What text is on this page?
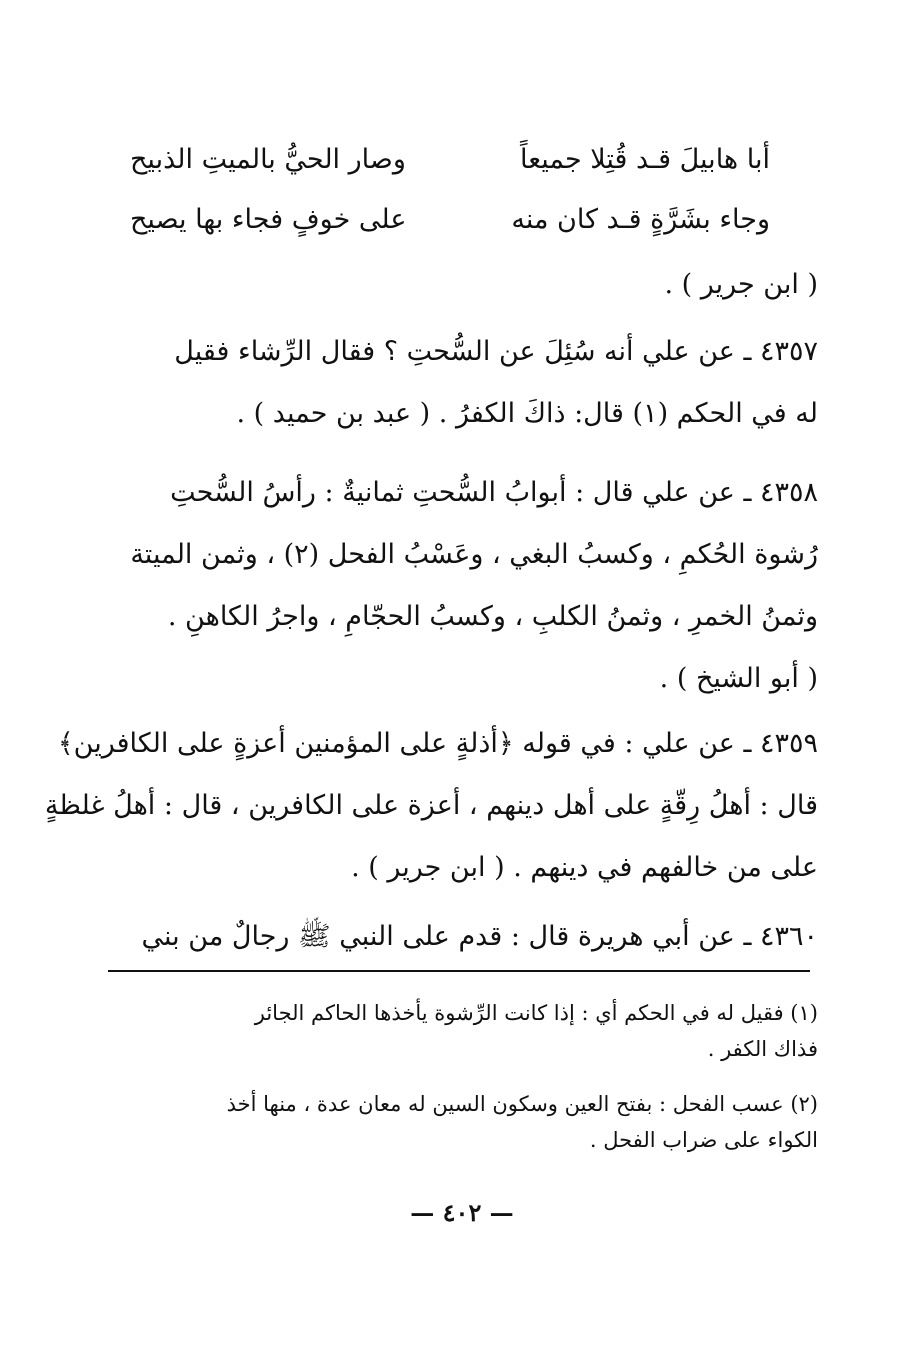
أبا هابيلَ قـد قُتِلا جميعاً
وصار الحيُّ بالميتِ الذبيح
وجاء بشَرَّةٍ قـد كان منه
على خوفٍ فجاء بها يصيح
( ابن جرير ) .

٤٣٥٧ ـ عن علي أنه سُئِلَ عن السُّحتِ ؟ فقال الرِّشاء فقيل

له في الحكم (١) قال: ذاكَ الكفرُ . ( عبد بن حميد ) .

٤٣٥٨ ـ عن علي قال : أبوابُ السُّحتِ ثمانيةٌ : رأسُ السُّحتِ

رُشوة الحُكمِ ، وكسبُ البغي ، وعَسْبُ الفحل (٢) ، وثمن الميتة

وثمنُ الخمرِ ، وثمنُ الكلبِ ، وكسبُ الحجّامِ ، واجرُ الكاهنِ .

( أبو الشيخ ) .

٤٣٥٩ ـ عن علي : في قوله ﴿أذلةٍ على المؤمنين أعزةٍ على الكافرين﴾

قال : أهلُ رِقّةٍ على أهل دينهم ، أعزة على الكافرين ، قال : أهلُ غلظةٍ

على من خالفهم في دينهم . ( ابن جرير ) .

٤٣٦٠ ـ عن أبي هريرة قال : قدم على النبي ﷺ رجالٌ من بني

(١) فقيل له في الحكم أي : إذا كانت الرِّشوة يأخذها الحاكم الجائر

فذاك الكفر .

(٢) عسب الفحل : بفتح العين وسكون السين له معان عدة ، منها أخذ

الكواء على ضراب الفحل .

— ٤٠٢ —
